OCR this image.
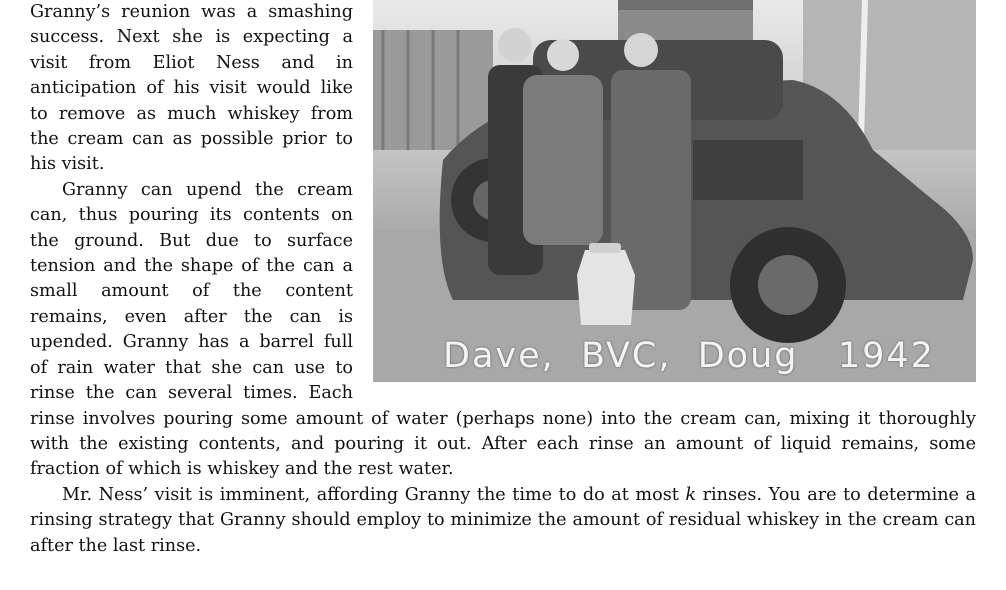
Dave,  BVC,  Doug   1942

Granny’s reunion was a smashing success. Next she is expecting a visit from Eliot Ness and in anticipation of his visit would like to remove as much whiskey from the cream can as possible prior to his visit.

Granny can upend the cream can, thus pouring its contents on the ground. But due to surface tension and the shape of the can a small amount of the content remains, even after the can is upended. Granny has a barrel full of rain water that she can use to rinse the can several times. Each rinse involves pouring some amount of water (perhaps none) into the cream can, mixing it thoroughly with the existing contents, and pouring it out. After each rinse an amount of liquid remains, some fraction of which is whiskey and the rest water.

Mr. Ness’ visit is imminent, affording Granny the time to do at most k rinses. You are to determine a rinsing strategy that Granny should employ to minimize the amount of residual whiskey in the cream can after the last rinse.
